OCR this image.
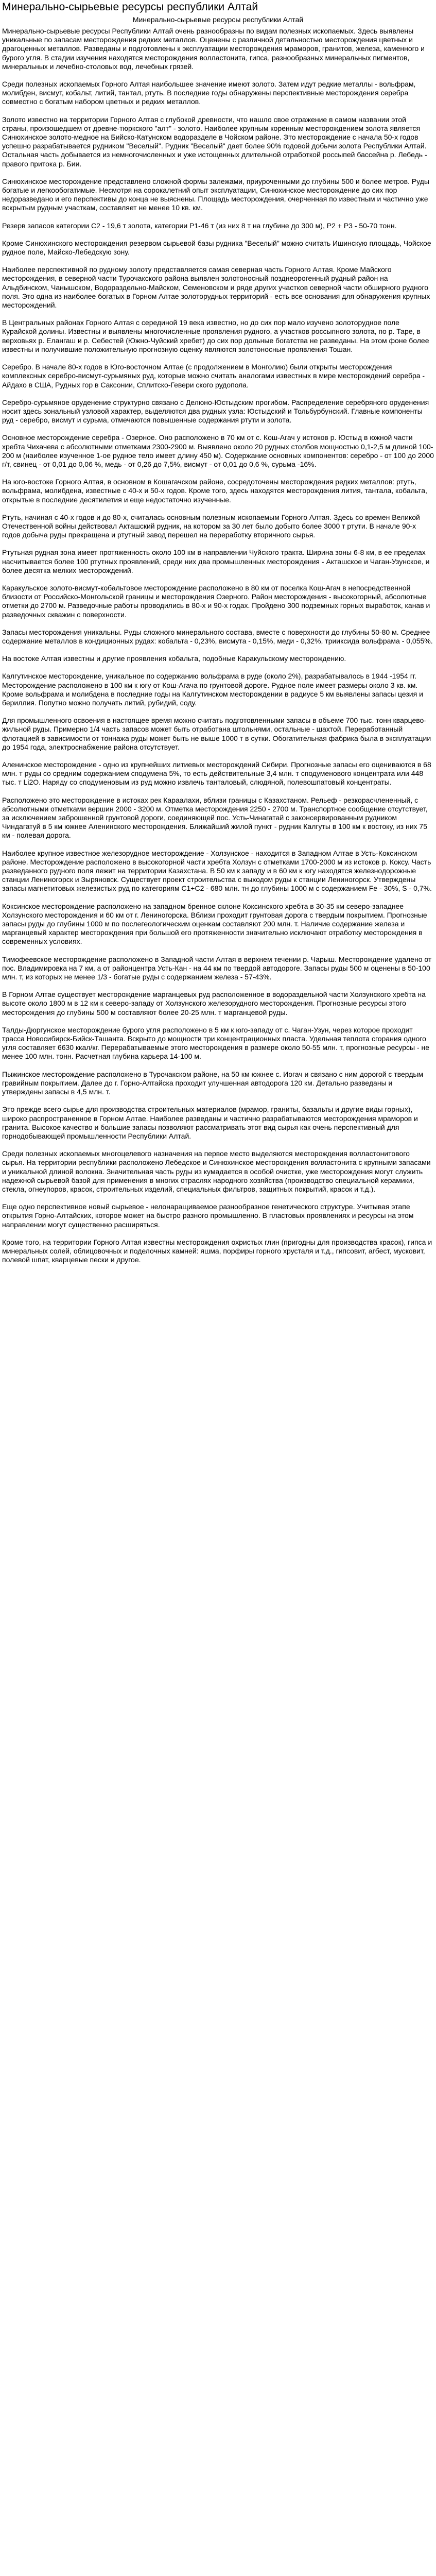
Минерально-сырьевые ресурсы республики Алтай
Минерально-сырьевые ресурсы республики Алтай

Минерально-сырьевые ресурсы Республики Алтай очень разнообразны по видам полезных ископаемых. Здесь выявлены уникальные по запасам месторождения редких металлов. Оценены с различной детальностью месторождения цветных и драгоценных металлов. Разведаны и подготовлены к эксплуатации месторождения мраморов, гранитов, железа, каменного и бурого угля. В стадии изучения находятся месторождения волластонита, гипса, разнообразных минеральных пигментов, минеральных и лечебно-столовых вод, лечебных грязей.

Среди полезных ископаемых Горного Алтая наибольшее значение имеют золото. Затем идут редкие металлы - вольфрам, молибден, висмут, кобальт, литий, тантал, ртуть. В последние годы обнаружены перспективные месторождения серебра совместно с богатым набором цветных и редких металлов.

Золото известно на территории Горного Алтая с глубокой древности, что нашло свое отражение в самом названии этой страны, произошедшем от древне-тюркского "алт" - золото. Наиболее крупным коренным месторождением золота является Синюхинское золото-медное на Бийско-Катунском водоразделе в Чойском районе. Это месторождение с начала 50-х годов успешно разрабатывается рудником "Веселый". Рудник "Веселый" дает более 90% годовой добычи золота Республики Алтай. Остальная часть добывается из немногочисленных и уже истощенных длительной отработкой россыпей бассейна р. Лебедь - правого притока р. Бии.

Синюхинское месторождение представлено сложной формы залежами, приуроченными до глубины 500 и более метров. Руды богатые и легкообогатимые. Несмотря на сорокалетний опыт эксплуатации, Синюхинское месторождение до сих пор недоразведано и его перспективы до конца не выяснены. Площадь месторождения, очерченная по известным и частично уже вскрытым рудным участкам, составляет не менее 10 кв. км.

Резерв запасов категории С2 - 19,6 т золота, категории Р1-46 т (из них 8 т на глубине до 300 м), Р2 + Р3 - 50-70 тонн.

Кроме Синюхинского месторождения резервом сырьевой базы рудника "Веселый" можно считать Ишинскую площадь, Чойское рудное поле, Майско-Лебедскую зону.

Наиболее перспективной по рудному золоту представляется самая северная часть Горного Алтая. Кроме Майского месторождения, в северной части Турочакского района выявлен золотоносный позднеорогенный рудный район на Альдбинском, Чанышском, Водораздельно-Майском, Семеновском и ряде других участков северной части обширного рудного поля. Это одна из наиболее богатых в Горном Алтае золоторудных территорий - есть все основания для обнаружения крупных месторождений.

В Центральных районах Горного Алтая с серединой 19 века известно, но до сих пор мало изучено золоторудное поле Курайской долины. Известны и выявлены многочисленные проявления рудного, а участков россыпного золота, по р. Таре, в верховьях р. Елангаш и р. Себестей (Южно-Чуйский хребет) до сих пор дольные богатства не разведаны. На этом фоне более известны и получившие положительную прогнозную оценку являются золотоносные проявления Тошан.

Серебро. В начале 80-х годов в Юго-восточном Алтае (с продолжением в Монголию) были открыты месторождения комплексных серебро-висмут-сурьмяных руд, которые можно считать аналогами известных в мире месторождений серебра - Айдахо в США, Рудных гор в Саксонии, Сплитско-Гевери ского рудопола.

Серебро-сурьмяное оруденение структурно связано с Делюно-Юстыдским прогибом. Распределение серебряного оруденения носит здесь зональный узловой характер, выделяются два рудных узла: Юстыдский и Тольбурбунский. Главные компоненты руд - серебро, висмут и сурьма, отмечаются повышенные содержания ртути и золота.

Основное месторождение серебра - Озерное. Оно расположено в 70 км от с. Кош-Агач у истоков р. Юстыд в южной части хребта Чихачева с абсолютными отметками 2300-2900 м. Выявлено около 20 рудных столбов мощностью 0,1-2,5 м длиной 100-200 м (наиболее изученное 1-ое рудное тело имеет длину 450 м). Содержание основных компонентов: серебро - от 100 до 2000 г/т, свинец - от 0,01 до 0,06 %, медь - от 0,26 до 7,5%, висмут - от 0,01 до 0,6 %, сурьма -16%.

На юго-востоке Горного Алтая, в основном в Кошагачском районе, сосредоточены месторождения редких металлов: ртуть, вольфрама, молибдена, известные с 40-х и 50-х годов. Кроме того, здесь находятся месторождения лития, тантала, кобальта, открытые в последние десятилетия и еще недостаточно изученные.

Ртуть, начиная с 40-х годов и до 80-х, считалась основным полезным ископаемым Горного Алтая. Здесь со времен Великой Отечественной войны действовал Акташский рудник, на котором за 30 лет было добыто более 3000 т ртути. В начале 90-х годов добыча руды прекращена и ртутный завод перешел на переработку вторичного сырья.

Ртутьная рудная зона имеет протяженность около 100 км в направлении Чуйского тракта. Ширина зоны 6-8 км, в ее пределах насчитывается более 100 ртутных проявлений, среди них два промышленных месторождения - Акташское и Чаган-Узунское, и более десятка мелких месторождений.

Каракульское золото-висмут-кобальтовое месторождение расположено в 80 км от поселка Кош-Агач в непосредственной близости от Российско-Монгольской границы и месторождения Озерного. Район месторождения - высокогорный, абсолютные отметки до 2700 м. Разведочные работы проводились в 80-х и 90-х годах. Пройдено 300 подземных горных выработок, канав и разведочных скважин с поверхности.

Запасы месторождения уникальны. Руды сложного минерального состава, вместе с поверхности до глубины 50-80 м. Среднее содержание металлов в кондиционных рудах: кобальта - 0,23%, висмута - 0,15%, меди - 0,32%, трииксида вольфрама - 0,055%.

На востоке Алтая известны и другие проявления кобальта, подобные Каракульскому месторождению.

Калгутинское месторождение, уникальное по содержанию вольфрама в руде (около 2%), разрабатывалось в 1944 -1954 гг. Месторождение расположено в 100 км к югу от Кош-Агача по грунтовой дороге. Рудное поле имеет размеры около 3 кв. км. Кроме вольфрама и молибдена в последние годы на Калгутинском месторождении в радиусе 5 км выявлены запасы цезия и бериллия. Попутно можно получать литий, рубидий, соду.

Для промышленного освоения в настоящее время можно считать подготовленными запасы в объеме 700 тыс. тонн кварцево-жильной руды. Примерно 1/4 часть запасов может быть отработана штольнями, остальные - шахтой. Переработанный флотацией в зависимости от тоннажа руды может быть не выше 1000 т в сутки. Обогатительная фабрика была в эксплуатации до 1954 года, электроснабжение района отсутствует.

Аленинское месторождение - одно из крупнейших литиевых месторождений Сибири. Прогнозные запасы его оцениваются в 68 млн. т руды со средним содержанием сподумена 5%, то есть действительные 3,4 млн. т сподуменового концентрата или 448 тыс. т Li2O. Наряду со сподуменовым из руд можно извлечь танталовый, слюдяной, полевошпатовый концентраты.

Расположено это месторождение в истоках рек Караалахи, вблизи границы с Казахстаном. Рельеф - резкорасчлененный, с абсолютными отметками вершин 2000 - 3200 м. Отметка месторождения 2250 - 2700 м. Транспортное сообщение отсутствует, за исключением заброшенной грунтовой дороги, соединяющей пос. Усть-Чинагатай с законсервированным рудником Чиндагатуй в 5 км южнее Аленинского месторождения. Ближайший жилой пункт - рудник Калгуты в 100 км к востоку, из них 75 км - полевая дорога.

Наиболее крупное известное железорудное месторождение - Холзунское - находится в Западном Алтае в Усть-Коксинском районе. Месторождение расположено в высокогорной части хребта Холзун с отметками 1700-2000 м из истоков р. Коксу. Часть разведанного рудного поля лежит на территории Казахстана. В 50 км к западу и в 60 км к югу находятся железнодорожные станции Лениногорск и Зыряновск. Существует проект строительства с выходом руды к станции Лениногорск. Утверждены запасы магнетитовых железистых руд по категориям С1+С2 - 680 млн. тн до глубины 1000 м с содержанием Fe - 30%, S - 0,7%.

Коксинское месторождение расположено на западном бренное склоне Коксинского хребта в 30-35 км северо-западнее Холзунского месторождения и 60 км от г. Лениногорска. Вблизи проходит грунтовая дорога с твердым покрытием. Прогнозные запасы руды до глубины 1000 м по послегеологическим оценкам составляют 200 млн. т. Наличие содержание железа и марганцевый характер месторождения при большой его протяженности значительно исключают отработку месторождения в современных условиях.

Тимофеевское месторождение расположено в Западной части Алтая в верхнем течении р. Чарыш. Месторождение удалено от пос. Владимировка на 7 км, а от районцентра Усть-Кан - на 44 км по твердой автодороге. Запасы руды 500 м оценены в 50-100 млн. т, из которых не менее 1/3 - богатые руды с содержанием железа - 57-43%.

В Горном Алтае существует месторождение марганцевых руд расположенное в водораздельной части Холзунского хребта на высоте около 1800 м в 12 км к северо-западу от Холзунского железорудного месторождения. Прогнозные ресурсы этого месторождения до глубины 500 м составляют более 20-25 млн. т марганцевой руды.

Талды-Дюргунское месторождение бурого угля расположено в 5 км к юго-западу от с. Чаган-Узун, через которое проходит трасса Новосибирск-Бийск-Ташанта. Вскрыто до мощности три концентрационных пласта. Удельная теплота сгорания одного угля составляет 6630 ккал/кг. Перерабатываемые этого месторождения в размере около 50-55 млн. т, прогнозные ресурсы - не менее 100 млн. тонн. Расчетная глубина карьера 14-100 м.

Пыжинское месторождение расположено в Турочакском районе, на 50 км южнее с. Иогач и связано с ним дорогой с твердым гравийным покрытием. Далее до г. Горно-Алтайска проходит улучшенная автодорога 120 км. Детально разведаны и утверждены запасы в 4,5 млн. т.

Это прежде всего сырье для производства строительных материалов (мрамор, граниты, базальты и другие виды горных), широко распространенное в Горном Алтае. Наиболее разведаны и частично разрабатываются месторождения мраморов и гранита. Высокое качество и большие запасы позволяют рассматривать этот вид сырья как очень перспективный для горнодобывающей промышленности Республики Алтай.

Среди полезных ископаемых многоцелевого назначения на первое место выделяются месторождения волластонитового сырья. На территории республики расположено Лебедское и Синюхинское месторождения волластонита с крупными запасами и уникальной длиной волокна. Значительная часть руды из кумадается в особой очистке, уже месторождения могут служить надежной сырьевой базой для применения в многих отраслях народного хозяйства (производство специальной керамики, стекла, огнеупоров, красок, строительных изделий, специальных фильтров, защитных покрытий, красок и т.д.).

Еще одно перспективное новый сырьевое - нелонаращиваемое разнообразное генетического структуре. Учитывая этапе открытия Горно-Алтайских, которое может на быстро разного промышленно. В пластовых проявлениях и ресурсы на этом направлении могут существенно расширяться.

Кроме того, на территории Горного Алтая известны месторождения охристых глин (пригодны для производства красок), гипса и минеральных солей, облицовочных и поделочных камней: яшма, порфиры горного хрусталя и т.д., гипсовит, агбест, мусковит, полевой шпат, кварцевые пески и другое.
